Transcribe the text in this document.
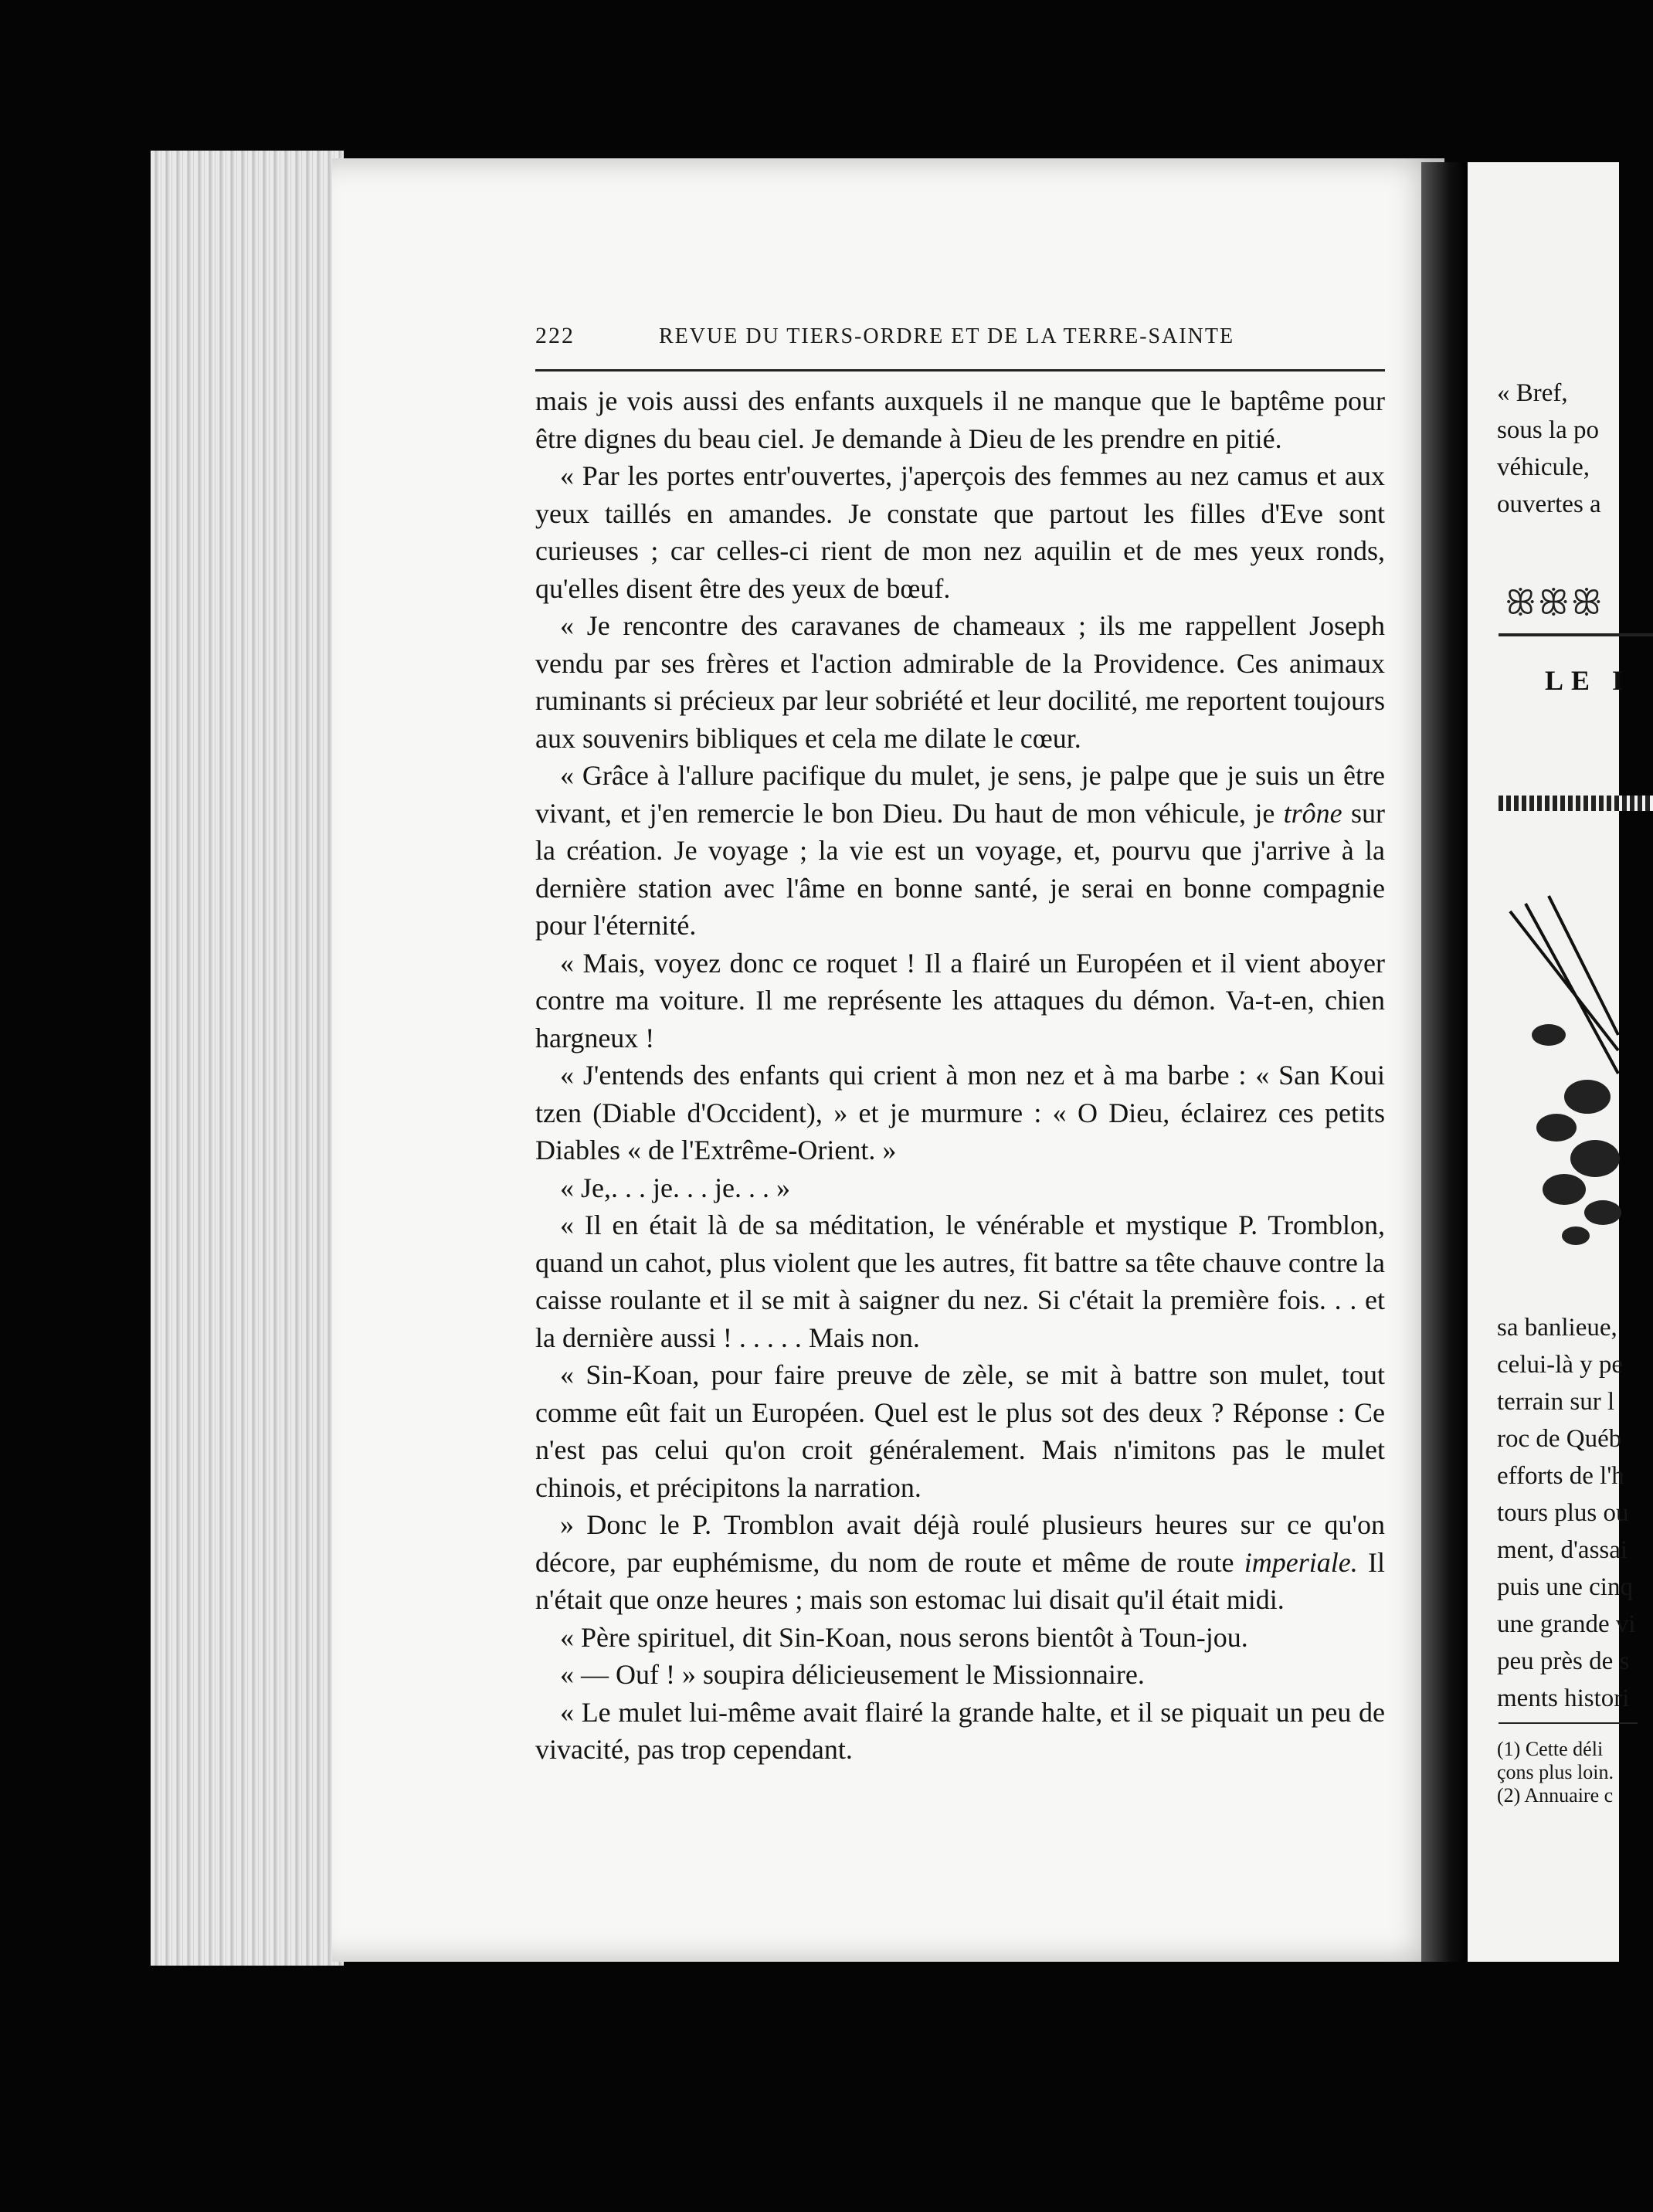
« Bref,
sous la po
véhicule,
ouvertes a
ꕥꕥꕥ
LE I
sa banlieue,
celui-là y pe
terrain sur l
roc de Québ
efforts de l'h
tours plus ou
ment, d'assai
puis une cinq
une grande vi
peu près de s
ments histori
(1) Cette déli
çons plus loin.
(2) Annuaire c
222	REVUE DU TIERS-ORDRE ET DE LA TERRE-SAINTE

mais je vois aussi des enfants auxquels il ne manque que le baptême pour être dignes du beau ciel. Je demande à Dieu de les prendre en pitié.

« Par les portes entr'ouvertes, j'aperçois des femmes au nez camus et aux yeux taillés en amandes. Je constate que partout les filles d'Eve sont curieuses ; car celles-ci rient de mon nez aquilin et de mes yeux ronds, qu'elles disent être des yeux de bœuf.

« Je rencontre des caravanes de chameaux ; ils me rappellent Joseph vendu par ses frères et l'action admirable de la Providence. Ces animaux ruminants si précieux par leur sobriété et leur docilité, me reportent toujours aux souvenirs bibliques et cela me dilate le cœur.

« Grâce à l'allure pacifique du mulet, je sens, je palpe que je suis un être vivant, et j'en remercie le bon Dieu. Du haut de mon véhicule, je trône sur la création. Je voyage ; la vie est un voyage, et, pourvu que j'arrive à la dernière station avec l'âme en bonne santé, je serai en bonne compagnie pour l'éternité.

« Mais, voyez donc ce roquet ! Il a flairé un Européen et il vient aboyer contre ma voiture. Il me représente les attaques du démon. Va-t-en, chien hargneux !

« J'entends des enfants qui crient à mon nez et à ma barbe : « San Koui tzen (Diable d'Occident), » et je murmure : « O Dieu, éclairez ces petits Diables « de l'Extrême-Orient. »

« Je,. . . je. . . je. . . »

« Il en était là de sa méditation, le vénérable et mystique P. Tromblon, quand un cahot, plus violent que les autres, fit battre sa tête chauve contre la caisse roulante et il se mit à saigner du nez. Si c'était la première fois. . . et la dernière aussi ! . . . . . Mais non.

« Sin-Koan, pour faire preuve de zèle, se mit à battre son mulet, tout comme eût fait un Européen. Quel est le plus sot des deux ? Réponse : Ce n'est pas celui qu'on croit généralement. Mais n'imitons pas le mulet chinois, et précipitons la narration.

» Donc le P. Tromblon avait déjà roulé plusieurs heures sur ce qu'on décore, par euphémisme, du nom de route et même de route imperiale. Il n'était que onze heures ; mais son estomac lui disait qu'il était midi.

« Père spirituel, dit Sin-Koan, nous serons bientôt à Toun-jou.

« — Ouf ! » soupira délicieusement le Missionnaire.

« Le mulet lui-même avait flairé la grande halte, et il se piquait un peu de vivacité, pas trop cependant.
